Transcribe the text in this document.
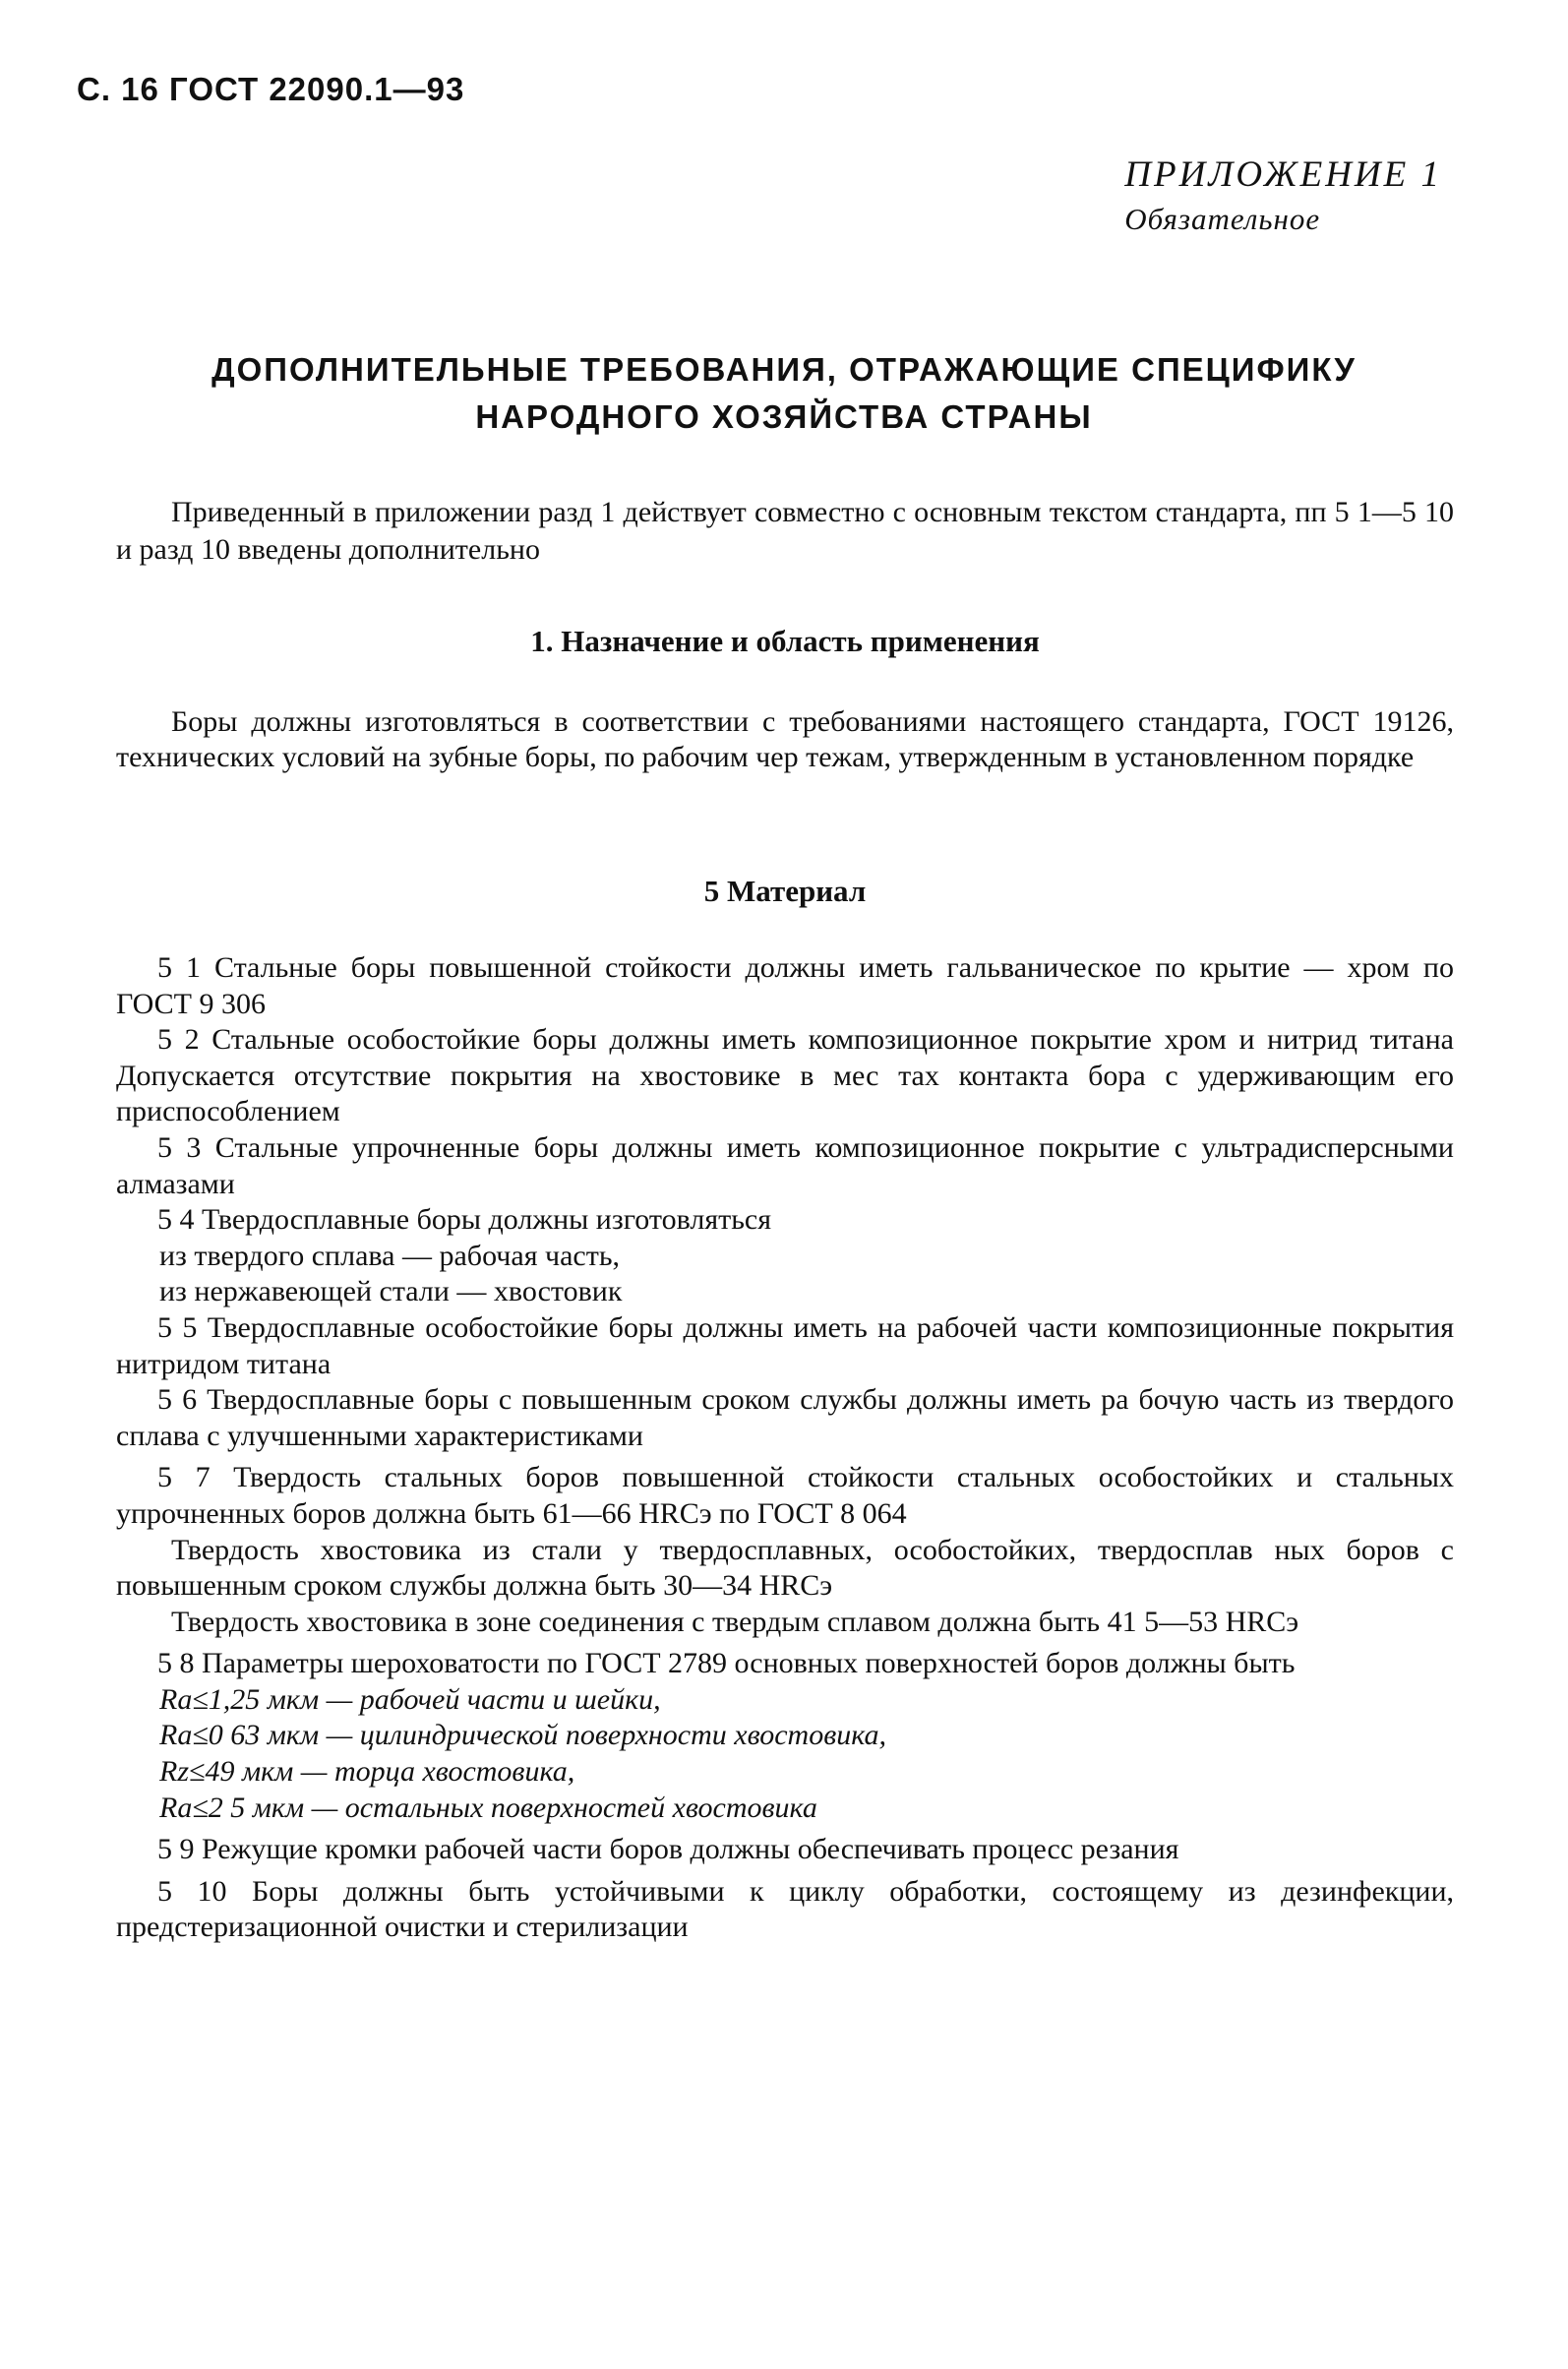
С. 16 ГОСТ 22090.1—93
ПРИЛОЖЕНИЕ 1
Обязательное
ДОПОЛНИТЕЛЬНЫЕ ТРЕБОВАНИЯ, ОТРАЖАЮЩИЕ СПЕЦИФИКУ
НАРОДНОГО ХОЗЯЙСТВА СТРАНЫ
Приведенный в приложении разд 1 действует совместно с основным текстом стандарта, пп 5 1—5 10 и разд 10 введены дополнительно
1. Назначение и область применения
Боры должны изготовляться в соответствии с требованиями настоящего стандарта, ГОСТ 19126, технических условий на зубные боры, по рабочим чер тежам, утвержденным в установленном порядке
5 Материал

5 1 Стальные боры повышенной стойкости должны иметь гальваническое по крытие — хром по ГОСТ 9 306

5 2 Стальные особостойкие боры должны иметь композиционное покрытие хром и нитрид титана Допускается отсутствие покрытия на хвостовике в мес тах контакта бора с удерживающим его приспособлением

5 3 Стальные упрочненные боры должны иметь композиционное покрытие с ультрадисперсными алмазами

5 4 Твердосплавные боры должны изготовляться

из твердого сплава — рабочая часть,

из нержавеющей стали — хвостовик

5 5 Твердосплавные особостойкие боры должны иметь на рабочей части композиционные покрытия нитридом титана

5 6 Твердосплавные боры с повышенным сроком службы должны иметь ра бочую часть из твердого сплава с улучшенными характеристиками

5 7 Твердость стальных боров повышенной стойкости стальных особостойких и стальных упрочненных боров должна быть 61—66 HRCэ по ГОСТ 8 064

Твердость хвостовика из стали у твердосплавных, особостойких, твердосплав ных боров с повышенным сроком службы должна быть 30—34 HRCэ

Твердость хвостовика в зоне соединения с твердым сплавом должна быть 41 5—53 HRCэ

5 8 Параметры шероховатости по ГОСТ 2789 основных поверхностей боров должны быть

Ra≤1,25 мкм — рабочей части и шейки,

Ra≤0 63 мкм — цилиндрической поверхности хвостовика,

Rz≤49 мкм — торца хвостовика,

Ra≤2 5 мкм — остальных поверхностей хвостовика

5 9 Режущие кромки рабочей части боров должны обеспечивать процесс резания

5 10 Боры должны быть устойчивыми к циклу обработки, состоящему из дезинфекции, предстеризационной очистки и стерилизации
